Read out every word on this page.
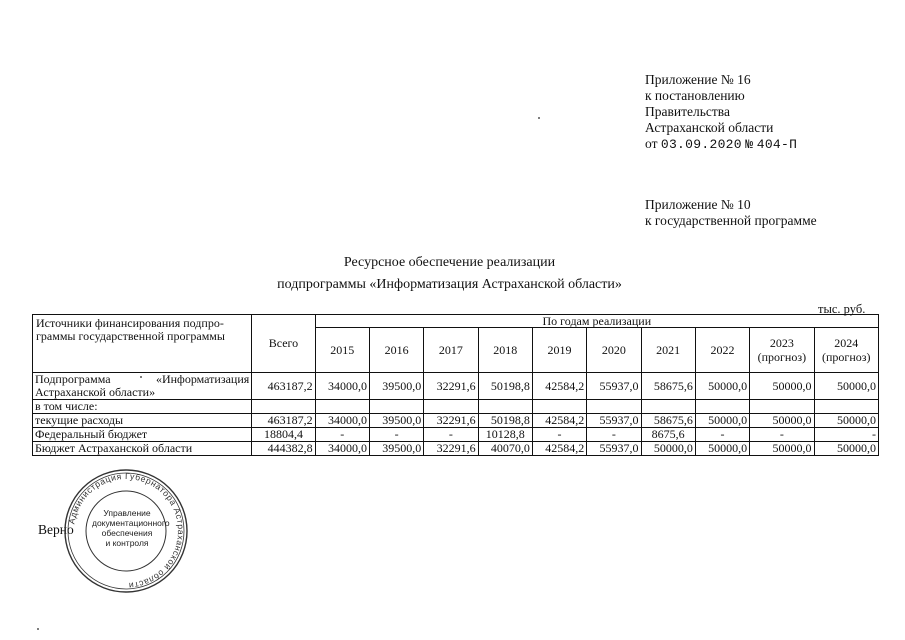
Приложение № 16
к постановлению
Правительства
Астраханской области
от 03.09.2020 № 404-П
Приложение № 10
к государственной программе
Ресурсное обеспечение реализации
подпрограммы «Информатизация Астраханской области»
тыс. руб.
Источники финансирования подпро-граммы государственной программы	Всего	По годам реализации									
		2015	2016	2017	2018	2019	2020	2021	2022	2023 (прогноз)	2024 (прогноз)

Подпрограмма «Информатизация
Астраханской области»	463187,2	34000,0	39500,0	32291,6	50198,8	42584,2	55937,0	58675,6	50000,0	50000,0	50000,0
в том числе:											
текущие расходы	463187,2	34000,0	39500,0	32291,6	50198,8	42584,2	55937,0	58675,6	50000,0	50000,0	50000,0
Федеральный бюджет	18804,4	-	-	-	10128,8	-	-	8675,6	-	-	-
Бюджет Астраханской области	444382,8	34000,0	39500,0	32291,6	40070,0	42584,2	55937,0	50000,0	50000,0	50000,0	50000,0
Верно
Администрация Губернатора Астраханской области
Управление
документационного
обеспечения
и контроля
